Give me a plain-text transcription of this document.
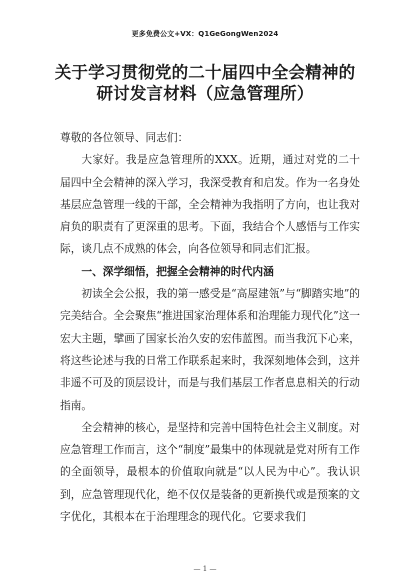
更多免费公文+VX：Q1GeGongWen2024
关于学习贯彻党的二十届四中全会精神的
研讨发言材料（应急管理所）

尊敬的各位领导、同志们：

大家好。我是应急管理所的XXX。近期，通过对党的二十届四中全会精神的深入学习，我深受教育和启发。作为一名身处基层应急管理一线的干部，全会精神为我指明了方向，也让我对肩负的职责有了更深重的思考。下面，我结合个人感悟与工作实际，谈几点不成熟的体会，向各位领导和同志们汇报。

一、深学细悟，把握全会精神的时代内涵

初读全会公报，我的第一感受是“高屋建瓴”与“脚踏实地”的完美结合。全会聚焦“推进国家治理体系和治理能力现代化”这一宏大主题，擘画了国家长治久安的宏伟蓝图。而当我沉下心来，将这些论述与我的日常工作联系起来时，我深刻地体会到，这并非遥不可及的顶层设计，而是与我们基层工作者息息相关的行动指南。

全会精神的核心，是坚持和完善中国特色社会主义制度。对应急管理工作而言，这个“制度”最集中的体现就是党对所有工作的全面领导，最根本的价值取向就是“以人民为中心”。我认识到，应急管理现代化，绝不仅仅是装备的更新换代或是预案的文字优化，其根本在于治理理念的现代化。它要求我们

— 1 —
